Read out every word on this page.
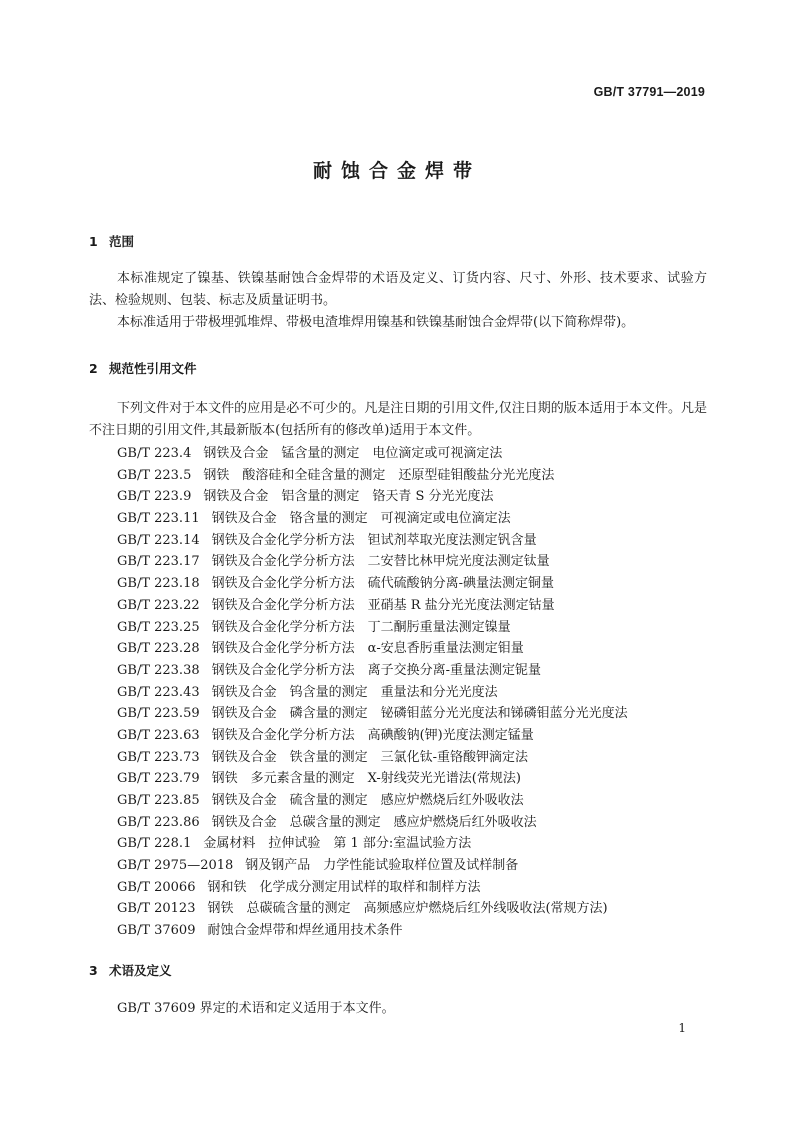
GB/T 37791—2019
耐蚀合金焊带
1 范围

本标准规定了镍基、铁镍基耐蚀合金焊带的术语及定义、订货内容、尺寸、外形、技术要求、试验方法、检验规则、包装、标志及质量证明书。

本标准适用于带极埋弧堆焊、带极电渣堆焊用镍基和铁镍基耐蚀合金焊带(以下简称焊带)。

2 规范性引用文件

下列文件对于本文件的应用是必不可少的。凡是注日期的引用文件,仅注日期的版本适用于本文件。凡是不注日期的引用文件,其最新版本(包括所有的修改单)适用于本文件。

GB/T 223.4 钢铁及合金　锰含量的测定　电位滴定或可视滴定法
GB/T 223.5 钢铁　酸溶硅和全硅含量的测定　还原型硅钼酸盐分光光度法
GB/T 223.9 钢铁及合金　铝含量的测定　铬天青 S 分光光度法
GB/T 223.11 钢铁及合金　铬含量的测定　可视滴定或电位滴定法
GB/T 223.14 钢铁及合金化学分析方法　钽试剂萃取光度法测定钒含量
GB/T 223.17 钢铁及合金化学分析方法　二安替比林甲烷光度法测定钛量
GB/T 223.18 钢铁及合金化学分析方法　硫代硫酸钠分离-碘量法测定铜量
GB/T 223.22 钢铁及合金化学分析方法　亚硝基 R 盐分光光度法测定钴量
GB/T 223.25 钢铁及合金化学分析方法　丁二酮肟重量法测定镍量
GB/T 223.28 钢铁及合金化学分析方法　α-安息香肟重量法测定钼量
GB/T 223.38 钢铁及合金化学分析方法　离子交换分离-重量法测定铌量
GB/T 223.43 钢铁及合金　钨含量的测定　重量法和分光光度法
GB/T 223.59 钢铁及合金　磷含量的测定　铋磷钼蓝分光光度法和锑磷钼蓝分光光度法
GB/T 223.63 钢铁及合金化学分析方法　高碘酸钠(钾)光度法测定锰量
GB/T 223.73 钢铁及合金　铁含量的测定　三氯化钛-重铬酸钾滴定法
GB/T 223.79 钢铁　多元素含量的测定　X-射线荧光光谱法(常规法)
GB/T 223.85 钢铁及合金　硫含量的测定　感应炉燃烧后红外吸收法
GB/T 223.86 钢铁及合金　总碳含量的测定　感应炉燃烧后红外吸收法
GB/T 228.1 金属材料　拉伸试验　第 1 部分:室温试验方法
GB/T 2975—2018 钢及钢产品　力学性能试验取样位置及试样制备
GB/T 20066 钢和铁　化学成分测定用试样的取样和制样方法
GB/T 20123 钢铁　总碳硫含量的测定　高频感应炉燃烧后红外线吸收法(常规方法)
GB/T 37609 耐蚀合金焊带和焊丝通用技术条件
3 术语及定义

GB/T 37609 界定的术语和定义适用于本文件。

1
